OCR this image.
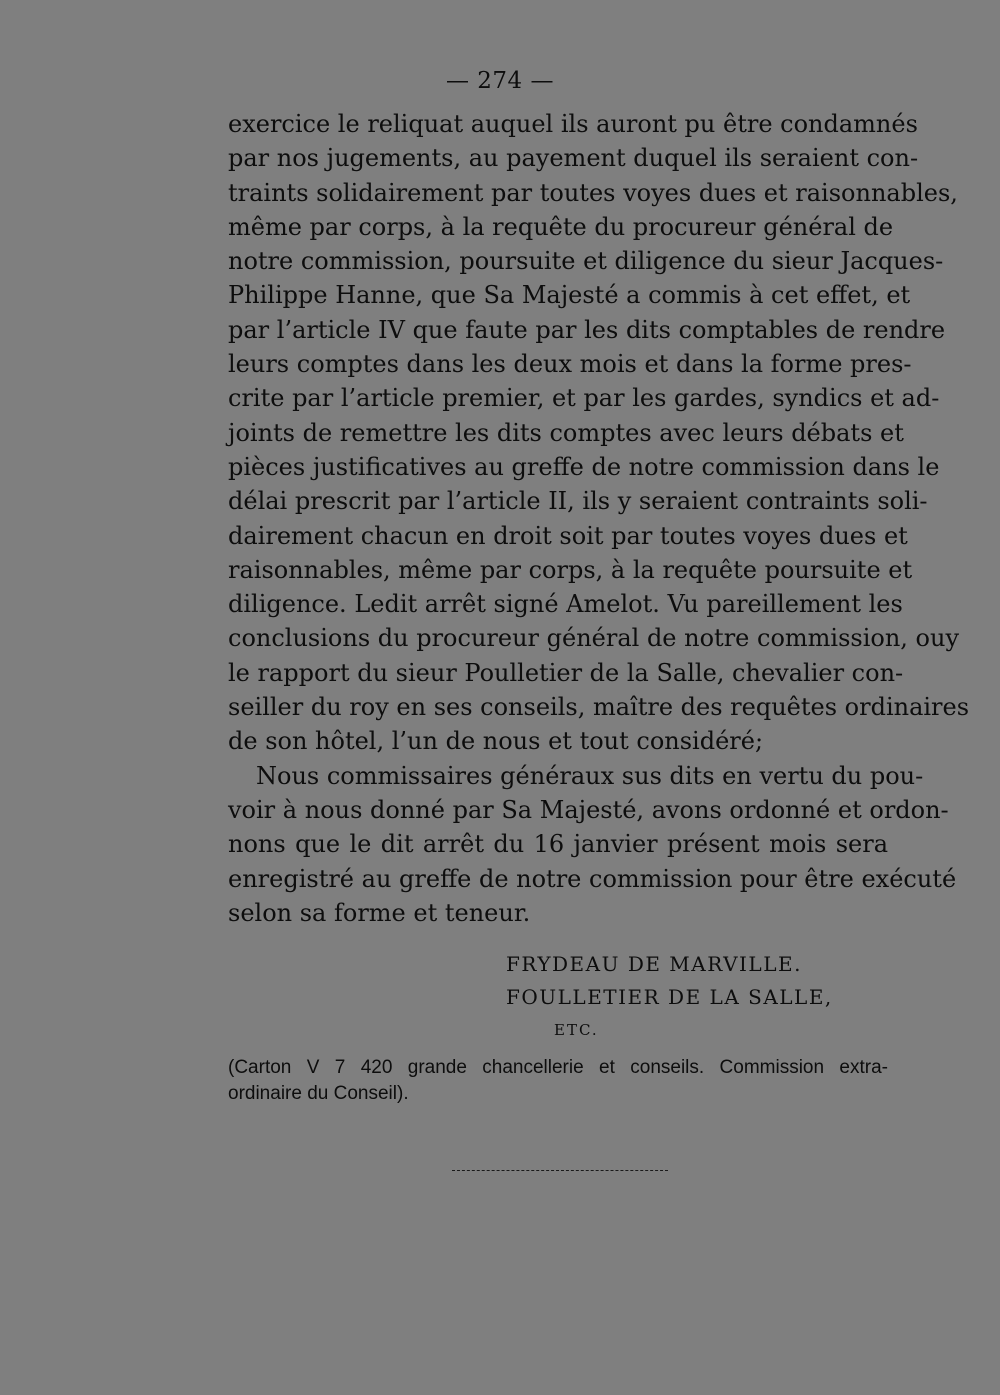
— 274 —
exercice le reliquat auquel ils auront pu être condamnés
par nos jugements, au payement duquel ils seraient con-
traints solidairement par toutes voyes dues et raisonnables,
même par corps, à la requête du procureur général de
notre commission, poursuite et diligence du sieur Jacques-
Philippe Hanne, que Sa Majesté a commis à cet effet, et
par l’article IV que faute par les dits comptables de rendre
leurs comptes dans les deux mois et dans la forme pres-
crite par l’article premier, et par les gardes, syndics et ad-
joints de remettre les dits comptes avec leurs débats et
pièces justificatives au greffe de notre commission dans le
délai prescrit par l’article II, ils y seraient contraints soli-
dairement chacun en droit soit par toutes voyes dues et
raisonnables, même par corps, à la requête poursuite et
diligence. Ledit arrêt signé Amelot. Vu pareillement les
conclusions du procureur général de notre commission, ouy
le rapport du sieur Poulletier de la Salle, chevalier con-
seiller du roy en ses conseils, maître des requêtes ordinaires
de son hôtel, l’un de nous et tout considéré;
Nous commissaires généraux sus dits en vertu du pou-
voir à nous donné par Sa Majesté, avons ordonné et ordon-
nons que le dit arrêt du 16 janvier présent mois sera
enregistré au greffe de notre commission pour être exécuté
selon sa forme et teneur.
FRYDEAU DE MARVILLE.
FOULLETIER DE LA SALLE,
ETC.
(Carton V 7 420 grande chancellerie et conseils. Commission extra-
ordinaire du Conseil).
